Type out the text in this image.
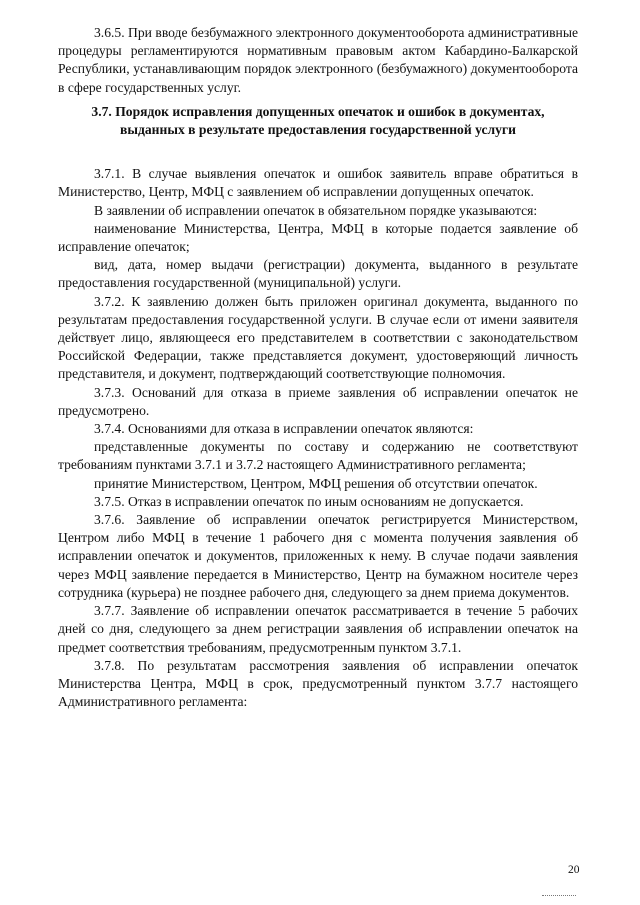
3.6.5. При вводе безбумажного электронного документооборота административные процедуры регламентируются нормативным правовым актом Кабардино-Балкарской Республики, устанавливающим порядок электронного (безбумажного) документооборота в сфере государственных услуг.

3.7. Порядок исправления допущенных опечаток и ошибок в документах, выданных в результате предоставления государственной услуги

3.7.1. В случае выявления опечаток и ошибок заявитель вправе обратиться в Министерство, Центр, МФЦ с заявлением об исправлении допущенных опечаток.

В заявлении об исправлении опечаток в обязательном порядке указываются:

наименование Министерства, Центра, МФЦ в которые подается заявление об исправление опечаток;

вид, дата, номер выдачи (регистрации) документа, выданного в результате предоставления государственной (муниципальной) услуги.

3.7.2. К заявлению должен быть приложен оригинал документа, выданного по результатам предоставления государственной услуги. В случае если от имени заявителя действует лицо, являющееся его представителем в соответствии с законодательством Российской Федерации, также представляется документ, удостоверяющий личность представителя, и документ, подтверждающий соответствующие полномочия.

3.7.3. Оснований для отказа в приеме заявления об исправлении опечаток не предусмотрено.

3.7.4. Основаниями для отказа в исправлении опечаток являются:

представленные документы по составу и содержанию не соответствуют требованиям пунктами 3.7.1 и 3.7.2 настоящего Административного регламента;

принятие Министерством, Центром, МФЦ решения об отсутствии опечаток.

3.7.5. Отказ в исправлении опечаток по иным основаниям не допускается.

3.7.6. Заявление об исправлении опечаток регистрируется Министерством, Центром либо МФЦ в течение 1 рабочего дня с момента получения заявления об исправлении опечаток и документов, приложенных к нему. В случае подачи заявления через МФЦ заявление передается в Министерство, Центр на бумажном носителе через сотрудника (курьера) не позднее рабочего дня, следующего за днем приема документов.

3.7.7. Заявление об исправлении опечаток рассматривается в течение 5 рабочих дней со дня, следующего за днем регистрации заявления об исправлении опечаток на предмет соответствия требованиям, предусмотренным пунктом 3.7.1.

3.7.8. По результатам рассмотрения заявления об исправлении опечаток Министерства Центра, МФЦ в срок, предусмотренный пунктом 3.7.7 настоящего Административного регламента:

20
